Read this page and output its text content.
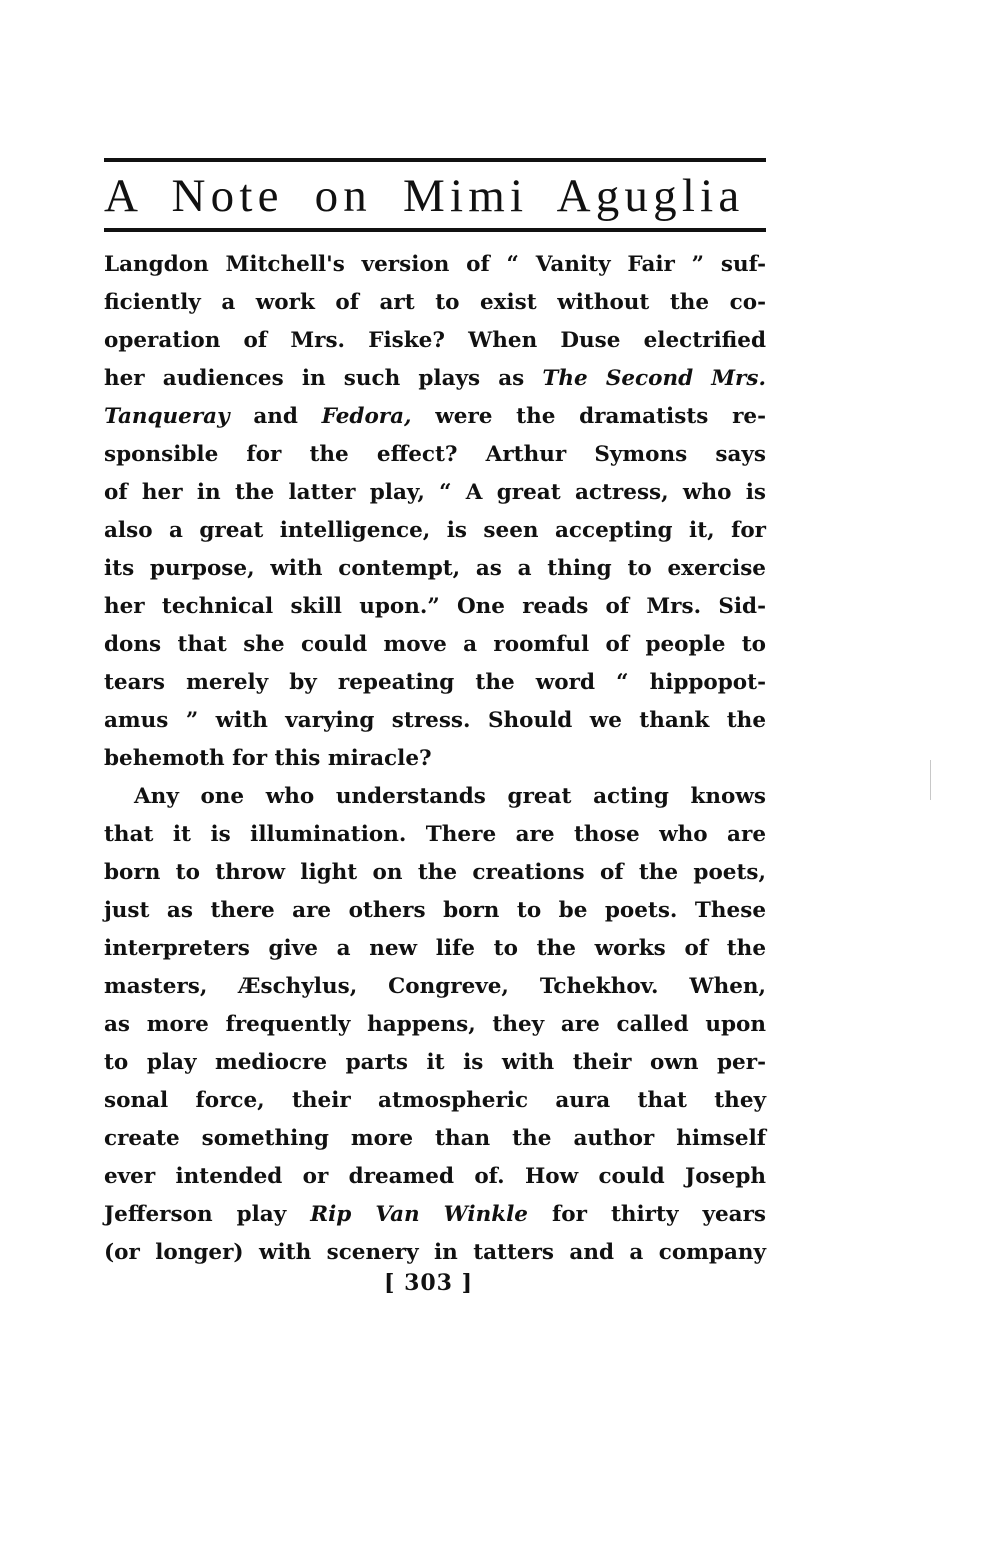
A Note on Mimi Aguglia
Langdon Mitchell's version of “ Vanity Fair ” suf-
ficiently a work of art to exist without the co-
operation of Mrs. Fiske? When Duse electrified
her audiences in such plays as The Second Mrs.
Tanqueray and Fedora, were the dramatists re-
sponsible for the effect? Arthur Symons says
of her in the latter play, “ A great actress, who is
also a great intelligence, is seen accepting it, for
its purpose, with contempt, as a thing to exercise
her technical skill upon.” One reads of Mrs. Sid-
dons that she could move a roomful of people to
tears merely by repeating the word “ hippopot-
amus ” with varying stress. Should we thank the
behemoth for this miracle?
Any one who understands great acting knows
that it is illumination. There are those who are
born to throw light on the creations of the poets,
just as there are others born to be poets. These
interpreters give a new life to the works of the
masters, Æschylus, Congreve, Tchekhov. When,
as more frequently happens, they are called upon
to play mediocre parts it is with their own per-
sonal force, their atmospheric aura that they
create something more than the author himself
ever intended or dreamed of. How could Joseph
Jefferson play Rip Van Winkle for thirty years
(or longer) with scenery in tatters and a company
[ 303 ]
